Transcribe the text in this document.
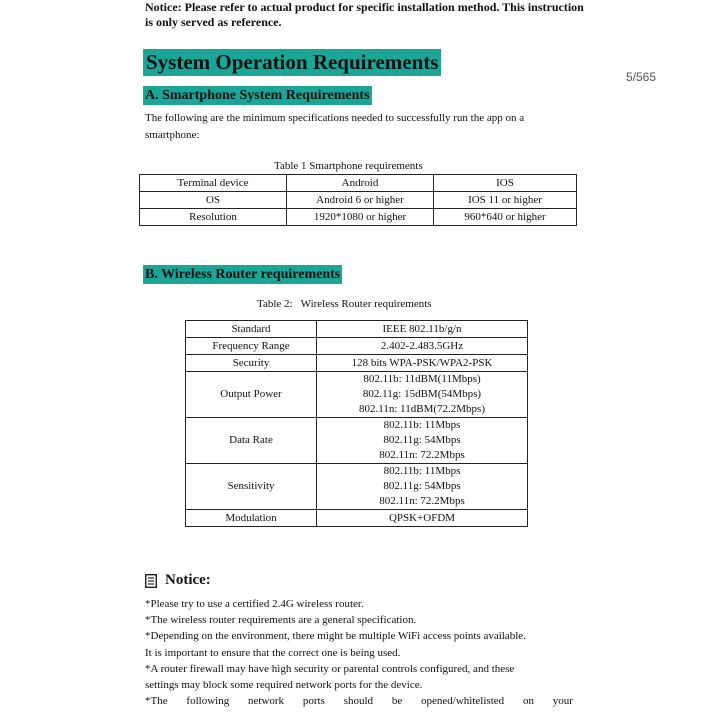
Notice: Please refer to actual product for specific installation method. This instruction is only served as reference.
System Operation Requirements
5/565
A. Smartphone System Requirements
The following are the minimum specifications needed to successfully run the app on a smartphone:
Table 1 Smartphone requirements
Terminal device	Android	IOS
OS	Android 6 or higher	IOS 11 or higher
Resolution	1920*1080 or higher	960*640 or higher
B. Wireless Router requirements
Table 2:   Wireless Router requirements
Standard	IEEE 802.11b/g/n
Frequency Range	2.402-2.483.5GHz
Security	128 bits WPA-PSK/WPA2-PSK
Output Power	802.11b: 11dBM(11Mbps)
802.11g: 15dBM(54Mbps)
802.11n: 11dBM(72.2Mbps)

Data Rate	802.11b: 11Mbps
802.11g: 54Mbps
802.11n: 72.2Mbps

Sensitivity	802.11b: 11Mbps
802.11g: 54Mbps
802.11n: 72.2Mbps

Modulation	QPSK+OFDM
Notice:
*Please try to use a certified 2.4G wireless router.
*The wireless router requirements are a general specification.
*Depending on the environment, there might be multiple WiFi access points available.
It is important to ensure that the correct one is being used.
*A router firewall may have high security or parental controls configured, and these
settings may block some required network ports for the device.
*The following network ports should be opened/whitelisted on your
